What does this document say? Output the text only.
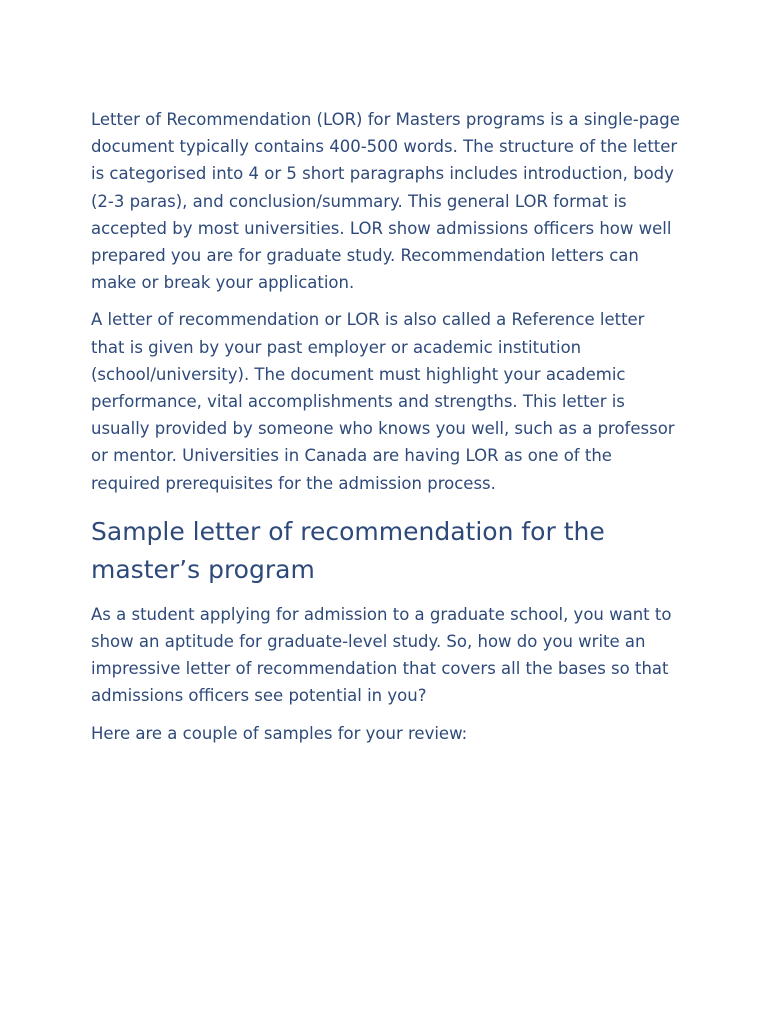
Letter of Recommendation (LOR) for Masters programs is a single-page document typically contains 400-500 words. The structure of the letter is categorised into 4 or 5 short paragraphs includes introduction, body (2-3 paras), and conclusion/summary. This general LOR format is accepted by most universities. LOR show admissions officers how well prepared you are for graduate study. Recommendation letters can make or break your application.

A letter of recommendation or LOR is also called a Reference letter that is given by your past employer or academic institution (school/university). The document must highlight your academic performance, vital accomplishments and strengths. This letter is usually provided by someone who knows you well, such as a professor or mentor. Universities in Canada are having LOR as one of the required prerequisites for the admission process.

Sample letter of recommendation for the master’s program

As a student applying for admission to a graduate school, you want to show an aptitude for graduate-level study. So, how do you write an impressive letter of recommendation that covers all the bases so that admissions officers see potential in you?

Here are a couple of samples for your review:
